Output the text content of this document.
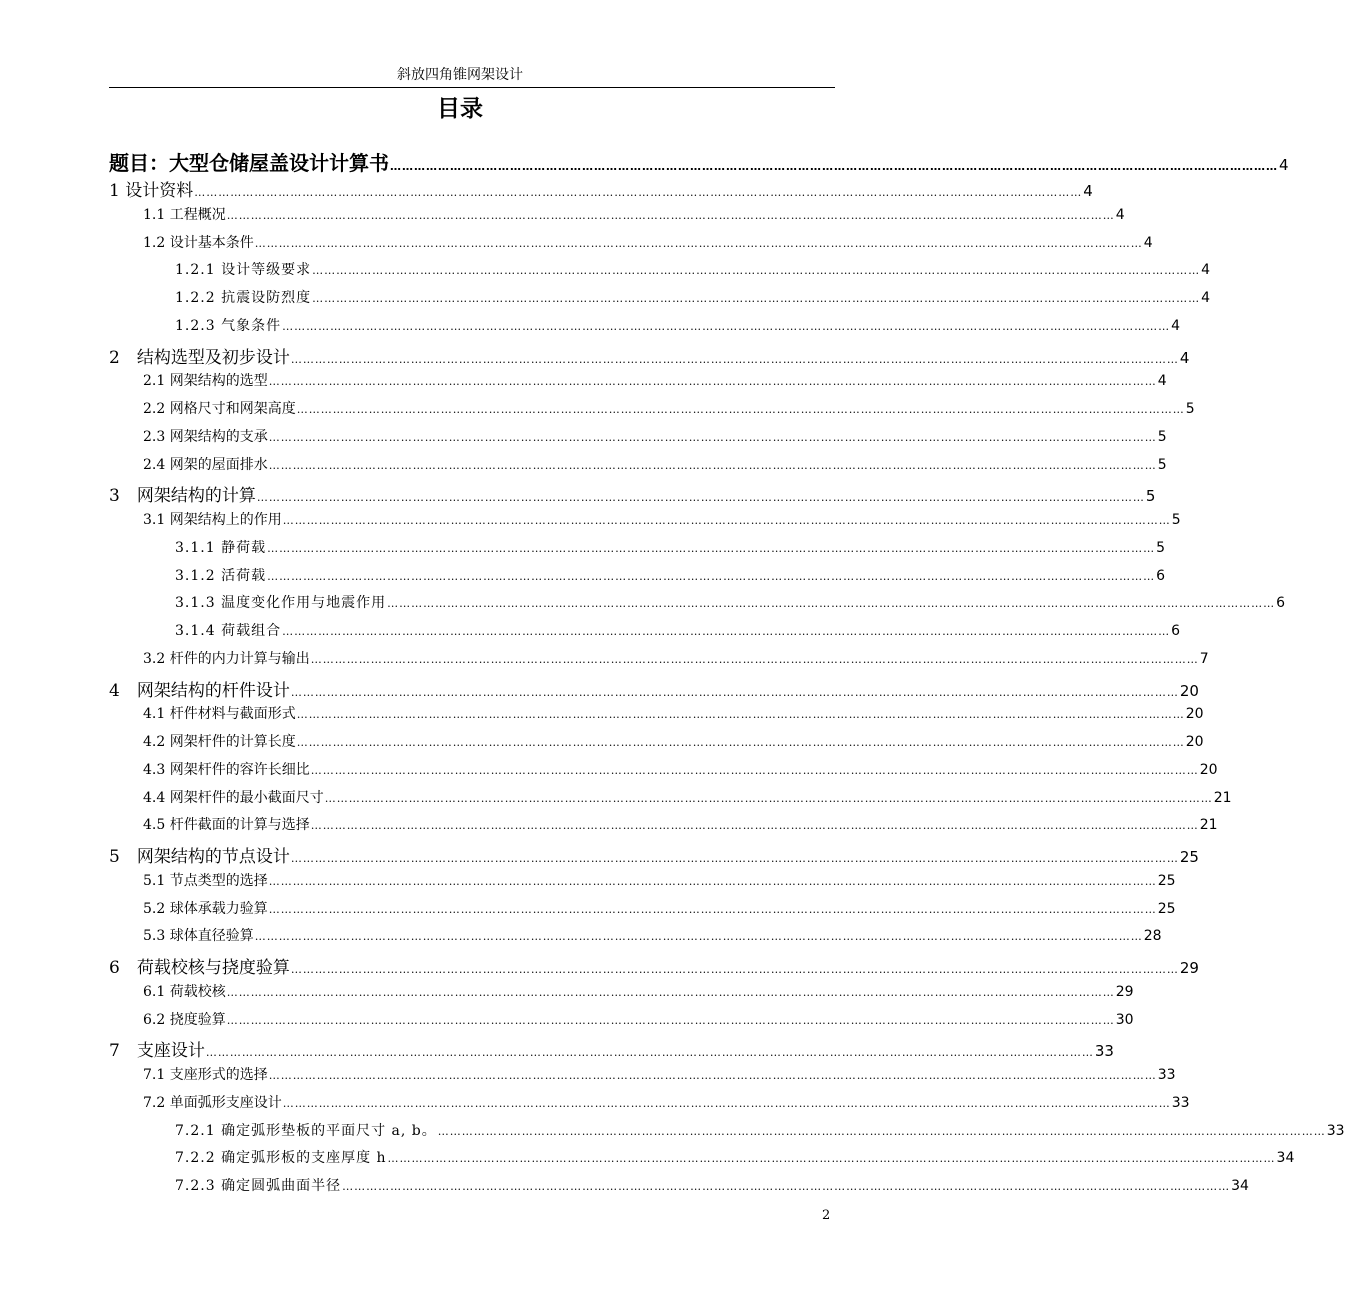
斜放四角锥网架设计
目录
题目：大型仓储屋盖设计计算书 …………………………………………………………………………………………………………………………………………………………………………………………………… 4
1 设计资料 …………………………………………………………………………………………………………………………………………………………………………………………………… 4
1.1 工程概况 …………………………………………………………………………………………………………………………………………………………………………………………………… 4
1.2 设计基本条件 …………………………………………………………………………………………………………………………………………………………………………………………………… 4
1.2.1 设计等级要求 …………………………………………………………………………………………………………………………………………………………………………………………………… 4
1.2.2 抗震设防烈度 …………………………………………………………………………………………………………………………………………………………………………………………………… 4
1.2.3 气象条件 …………………………………………………………………………………………………………………………………………………………………………………………………… 4
2　结构选型及初步设计 …………………………………………………………………………………………………………………………………………………………………………………………………… 4
2.1 网架结构的选型 …………………………………………………………………………………………………………………………………………………………………………………………………… 4
2.2 网格尺寸和网架高度 …………………………………………………………………………………………………………………………………………………………………………………………………… 5
2.3 网架结构的支承 …………………………………………………………………………………………………………………………………………………………………………………………………… 5
2.4 网架的屋面排水 …………………………………………………………………………………………………………………………………………………………………………………………………… 5
3　网架结构的计算 …………………………………………………………………………………………………………………………………………………………………………………………………… 5
3.1 网架结构上的作用 …………………………………………………………………………………………………………………………………………………………………………………………………… 5
3.1.1 静荷载 …………………………………………………………………………………………………………………………………………………………………………………………………… 5
3.1.2 活荷载 …………………………………………………………………………………………………………………………………………………………………………………………………… 6
3.1.3 温度变化作用与地震作用 …………………………………………………………………………………………………………………………………………………………………………………………………… 6
3.1.4 荷载组合 …………………………………………………………………………………………………………………………………………………………………………………………………… 6
3.2 杆件的内力计算与输出 …………………………………………………………………………………………………………………………………………………………………………………………………… 7
4　网架结构的杆件设计 …………………………………………………………………………………………………………………………………………………………………………………………………… 20
4.1 杆件材料与截面形式 …………………………………………………………………………………………………………………………………………………………………………………………………… 20
4.2 网架杆件的计算长度 …………………………………………………………………………………………………………………………………………………………………………………………………… 20
4.3 网架杆件的容许长细比 …………………………………………………………………………………………………………………………………………………………………………………………………… 20
4.4 网架杆件的最小截面尺寸 …………………………………………………………………………………………………………………………………………………………………………………………………… 21
4.5 杆件截面的计算与选择 …………………………………………………………………………………………………………………………………………………………………………………………………… 21
5　网架结构的节点设计 …………………………………………………………………………………………………………………………………………………………………………………………………… 25
5.1 节点类型的选择 …………………………………………………………………………………………………………………………………………………………………………………………………… 25
5.2 球体承载力验算 …………………………………………………………………………………………………………………………………………………………………………………………………… 25
5.3 球体直径验算 …………………………………………………………………………………………………………………………………………………………………………………………………… 28
6　荷载校核与挠度验算 …………………………………………………………………………………………………………………………………………………………………………………………………… 29
6.1 荷载校核 …………………………………………………………………………………………………………………………………………………………………………………………………… 29
6.2 挠度验算 …………………………………………………………………………………………………………………………………………………………………………………………………… 30
7　支座设计 …………………………………………………………………………………………………………………………………………………………………………………………………… 33
7.1 支座形式的选择 …………………………………………………………………………………………………………………………………………………………………………………………………… 33
7.2 单面弧形支座设计 …………………………………………………………………………………………………………………………………………………………………………………………………… 33
7.2.1 确定弧形垫板的平面尺寸 a, b。 …………………………………………………………………………………………………………………………………………………………………………………………………… 33
7.2.2 确定弧形板的支座厚度 h …………………………………………………………………………………………………………………………………………………………………………………………………… 34
7.2.3 确定圆弧曲面半径 …………………………………………………………………………………………………………………………………………………………………………………………………… 34
2
